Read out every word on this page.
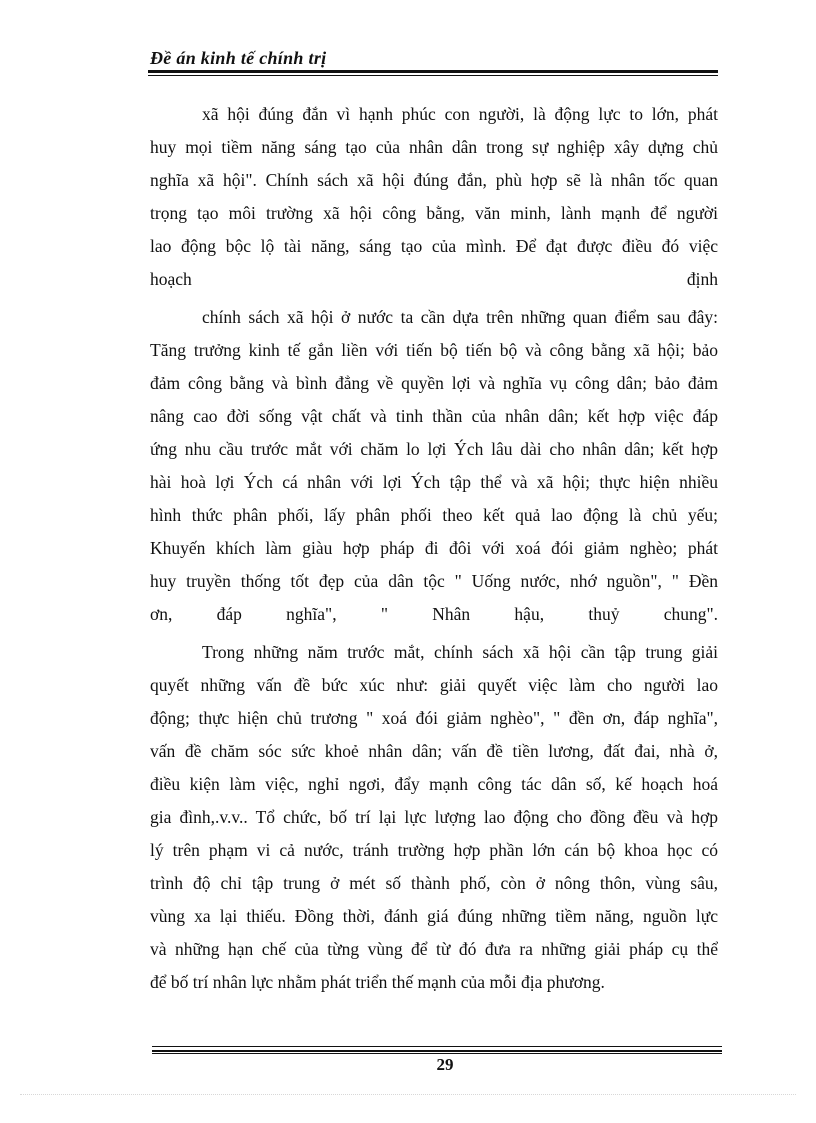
Đề án kinh tế chính trị
xã hội đúng đắn vì hạnh phúc con người, là động lực to lớn, phát
huy mọi tiềm năng sáng tạo của nhân dân trong sự nghiệp xây dựng chủ
nghĩa xã hội". Chính sách xã hội đúng đắn, phù hợp sẽ là nhân tốc quan
trọng tạo môi trường xã hội công bằng, văn minh, lành mạnh để người
lao động bộc lộ tài năng, sáng tạo của mình. Để đạt được điều đó việc
hoạch định
chính sách xã hội ở nước ta cần dựa trên những quan điểm sau đây:
Tăng trưởng kinh tế gắn liền với tiến bộ tiến bộ và công bằng xã hội; bảo
đảm công bằng và bình đẳng về quyền lợi và nghĩa vụ công dân; bảo đảm
nâng cao đời sống vật chất và tinh thần của nhân dân; kết hợp việc đáp
ứng nhu cầu trước mắt với chăm lo lợi Ých lâu dài cho nhân dân; kết hợp
hài hoà lợi Ých cá nhân với lợi Ých tập thể và xã hội; thực hiện nhiều
hình thức phân phối, lấy phân phối theo kết quả lao động là chủ yếu;
Khuyến khích làm giàu hợp pháp đi đôi với xoá đói giảm nghèo; phát
huy truyền thống tốt đẹp của dân tộc " Uống nước, nhớ nguồn", " Đền
ơn, đáp nghĩa", " Nhân hậu, thuỷ chung".
Trong những năm trước mắt, chính sách xã hội cần tập trung giải
quyết những vấn đề bức xúc như: giải quyết việc làm cho người lao
động; thực hiện chủ trương " xoá đói giảm nghèo", " đền ơn, đáp nghĩa",
vấn đề chăm sóc sức khoẻ nhân dân; vấn đề tiền lương, đất đai, nhà ở,
điều kiện làm việc, nghỉ ngơi, đẩy mạnh công tác dân số, kế hoạch hoá
gia đình,.v.v.. Tổ chức, bố trí lại lực lượng lao động cho đồng đều và hợp
lý trên phạm vi cả nước, tránh trường hợp phần lớn cán bộ khoa học có
trình độ chỉ tập trung ở mét số thành phố, còn ở nông thôn, vùng sâu,
vùng xa lại thiếu. Đồng thời, đánh giá đúng những tiềm năng, nguồn lực
và những hạn chế của từng vùng để từ đó đưa ra những giải pháp cụ thể
để bố trí nhân lực nhằm phát triển thế mạnh của mỗi địa phương.
29
